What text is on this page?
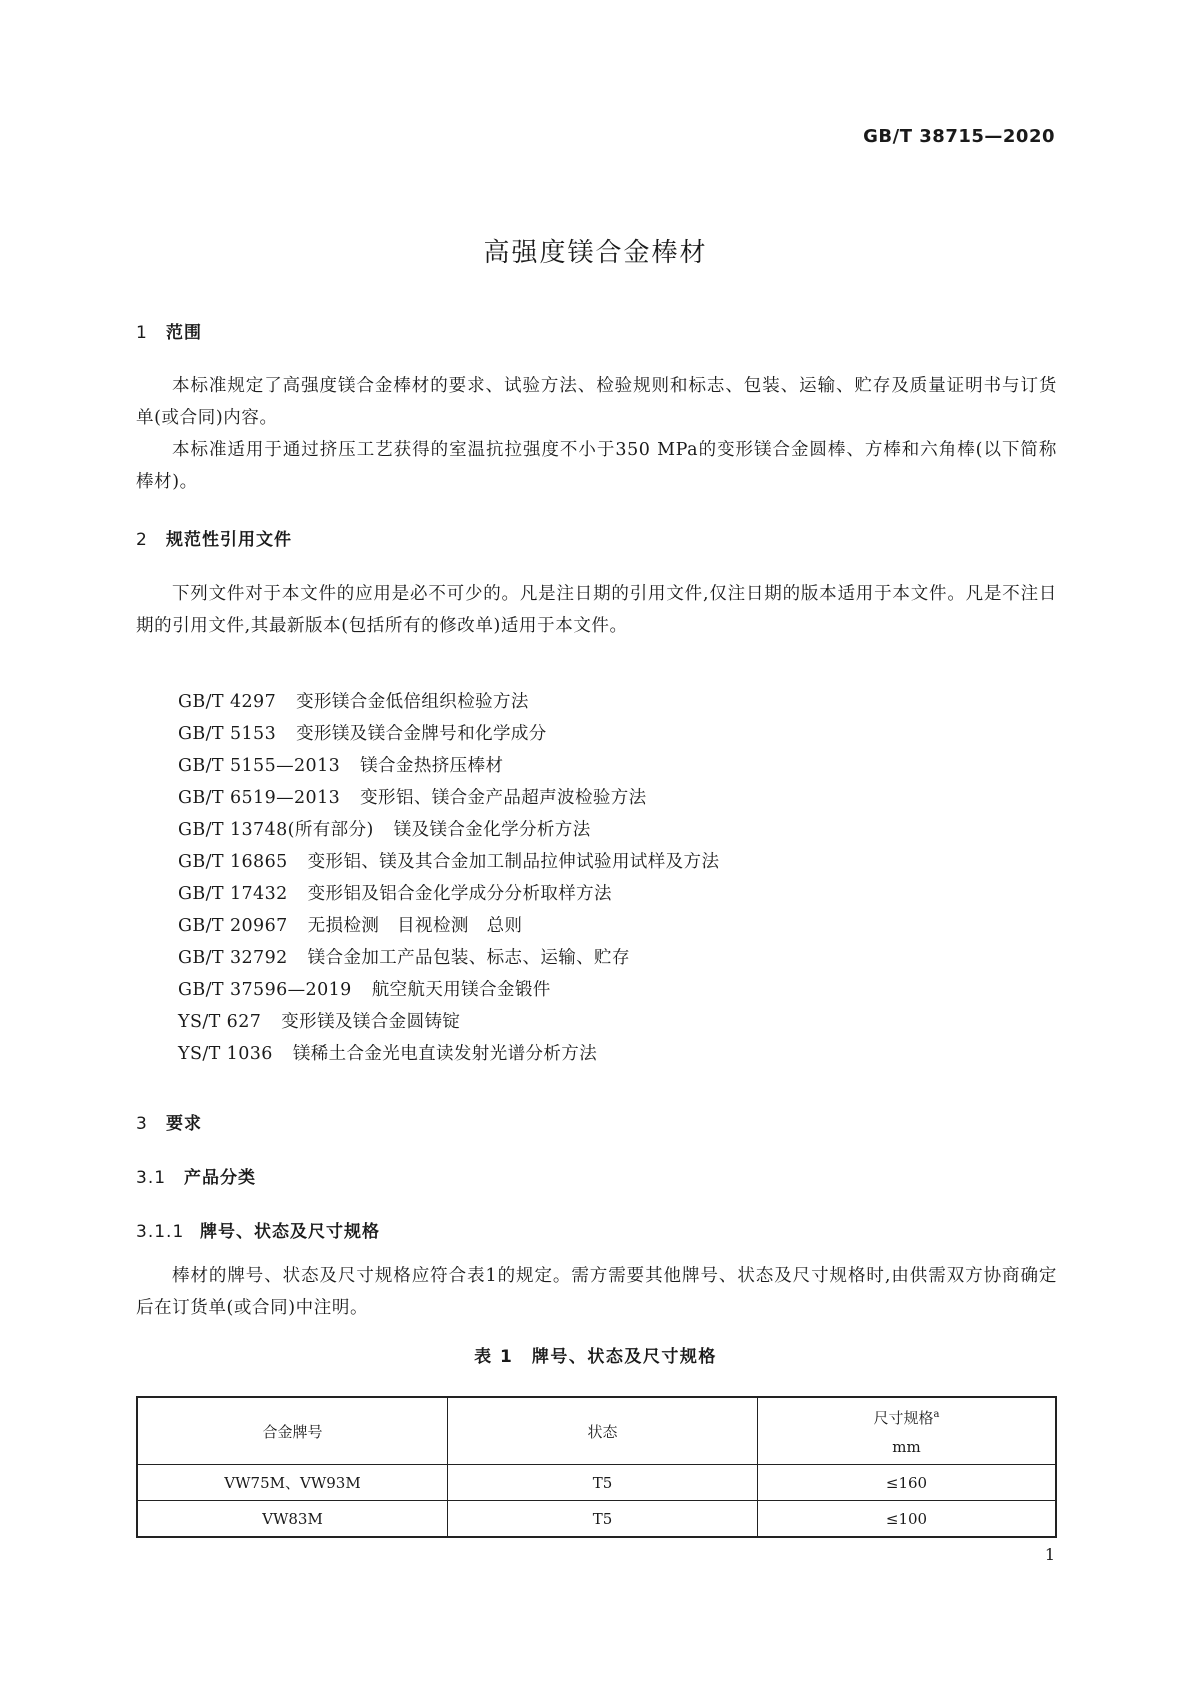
GB/T 38715—2020
高强度镁合金棒材
1 范围

本标准规定了高强度镁合金棒材的要求、试验方法、检验规则和标志、包装、运输、贮存及质量证明书与订货单(或合同)内容。

本标准适用于通过挤压工艺获得的室温抗拉强度不小于350 MPa的变形镁合金圆棒、方棒和六角棒(以下简称棒材)。

2 规范性引用文件

下列文件对于本文件的应用是必不可少的。凡是注日期的引用文件,仅注日期的版本适用于本文件。凡是不注日期的引用文件,其最新版本(包括所有的修改单)适用于本文件。

GB/T 4297 变形镁合金低倍组织检验方法
GB/T 5153 变形镁及镁合金牌号和化学成分
GB/T 5155—2013 镁合金热挤压棒材
GB/T 6519—2013 变形铝、镁合金产品超声波检验方法
GB/T 13748(所有部分) 镁及镁合金化学分析方法
GB/T 16865 变形铝、镁及其合金加工制品拉伸试验用试样及方法
GB/T 17432 变形铝及铝合金化学成分分析取样方法
GB/T 20967 无损检测　目视检测　总则
GB/T 32792 镁合金加工产品包装、标志、运输、贮存
GB/T 37596—2019 航空航天用镁合金锻件
YS/T 627 变形镁及镁合金圆铸锭
YS/T 1036 镁稀土合金光电直读发射光谱分析方法
3 要求
3.1 产品分类
3.1.1 牌号、状态及尺寸规格

棒材的牌号、状态及尺寸规格应符合表1的规定。需方需要其他牌号、状态及尺寸规格时,由供需双方协商确定后在订货单(或合同)中注明。

表 1　牌号、状态及尺寸规格
合金牌号	状态	尺寸规格$^a$
mm

VW75M、VW93M	T5	≤160
VW83M	T5	≤100
1
